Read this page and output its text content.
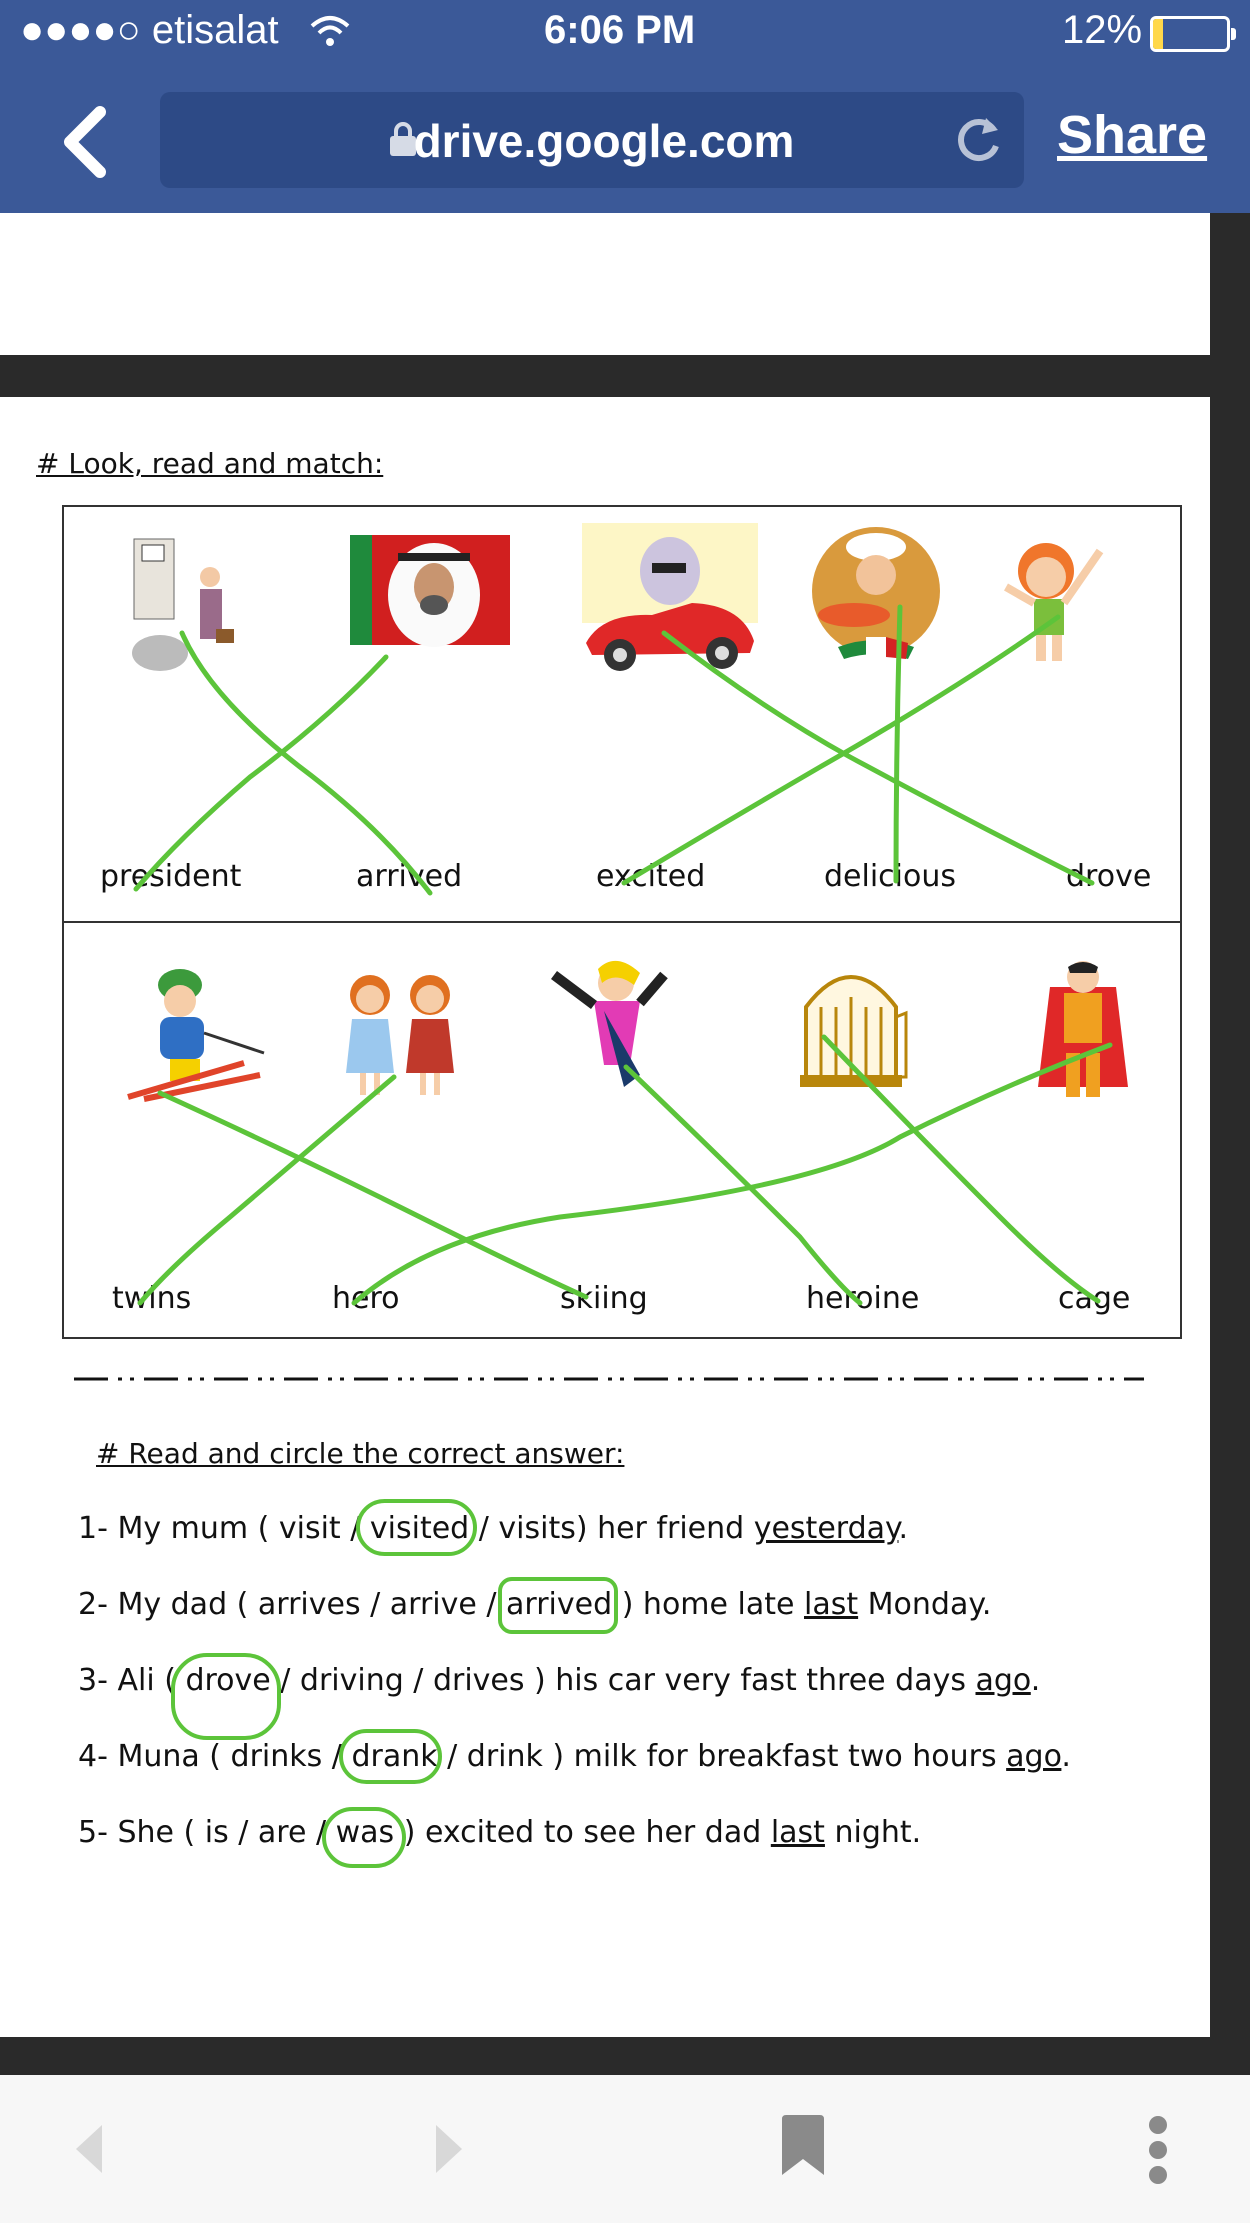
●●●●○ etisalat	6:06 PM	12%
drive.google.com	Share
# Look, read and match:
president	arrived	excited	delicious	drove
twins	hero	skiing	heroine	cage
# Read and circle the correct answer:
1- My mum ( visit / visited
/ visits) her friend yesterday.
2- My dad ( arrives / arrive / arrived
) home late last Monday.
3- Ali ( drove
/ driving / drives ) his car very fast three days ago.
4- Muna ( drinks / drank
/ drink ) milk for breakfast two hours ago.
5- She ( is / are / was
) excited to see her dad last night.
